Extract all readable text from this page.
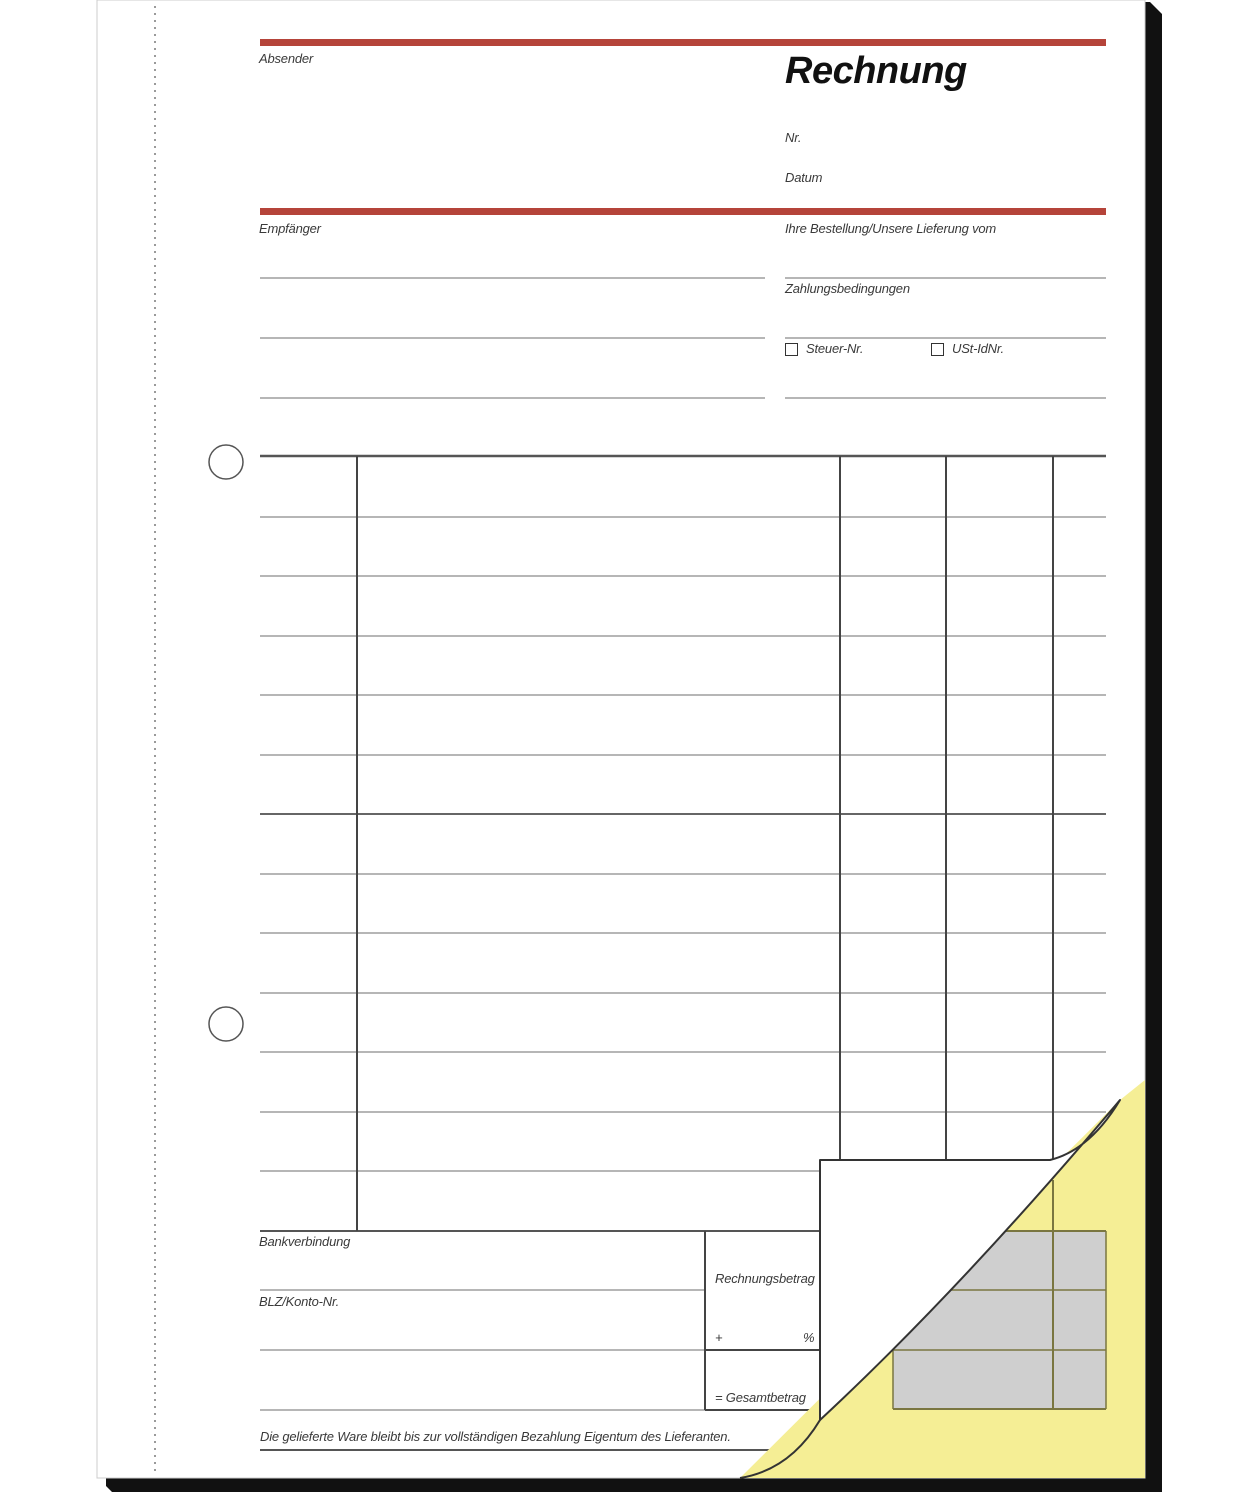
Absender	Rechnung
Nr.
Datum
Empfänger	Ihre Bestellung/Unsere Lieferung vom
Zahlungsbedingungen
Steuer-Nr.	USt-IdNr.
Bankverbindung
BLZ/Konto-Nr.
Rechnungsbetrag
+	%
= Gesamtbetrag
Die gelieferte Ware bleibt bis zur vollständigen Bezahlung Eigentum des Lieferanten.
